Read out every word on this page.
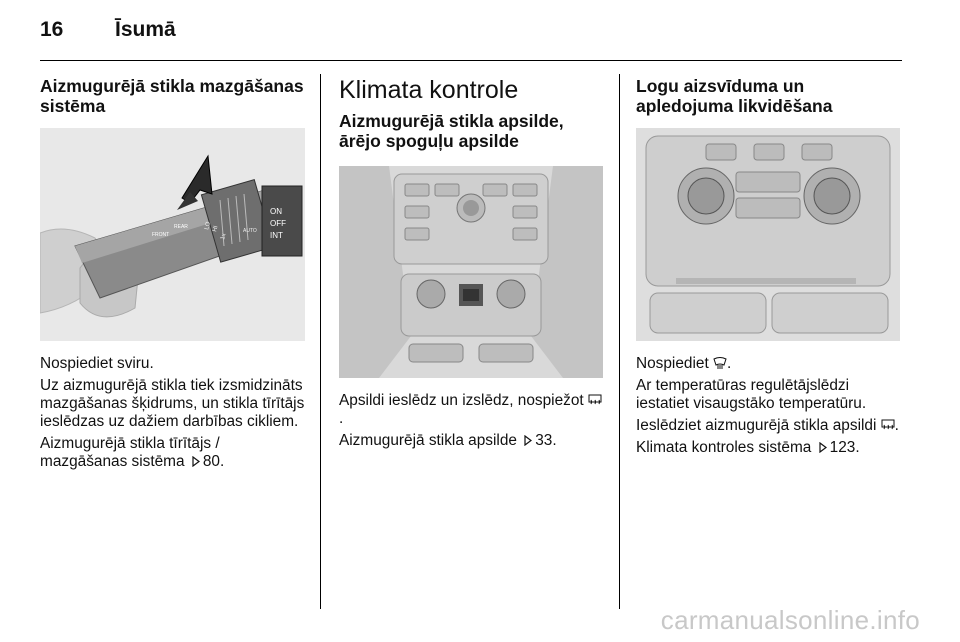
16 Īsumā
Aizmugurējā stikla mazgāšanas sistēma
ON
OFF
INT
LO HI
1x
AUTO
FRONT
REAR

Nospiediet sviru.

Uz aizmugurējā stikla tiek izsmidzināts mazgāšanas šķidrums, un stikla tīrītājs ieslēdzas uz dažiem darbības cikliem.

Aizmugurējā stikla tīrītājs / mazgāšanas sistēma 80.

Klimata kontrole
Aizmugurējā stikla apsilde, ārējo spoguļu apsilde

Apsildi ieslēdz un izslēdz, nospiežot .

Aizmugurējā stikla apsilde 33.

Logu aizsvīduma un apledojuma likvidēšana

Nospiediet .

Ar temperatūras regulētājslēdzi iestatiet visaugstāko temperatūru.

Ieslēdziet aizmugurējā stikla apsildi .

Klimata kontroles sistēma 123.

carmanualsonline.info
